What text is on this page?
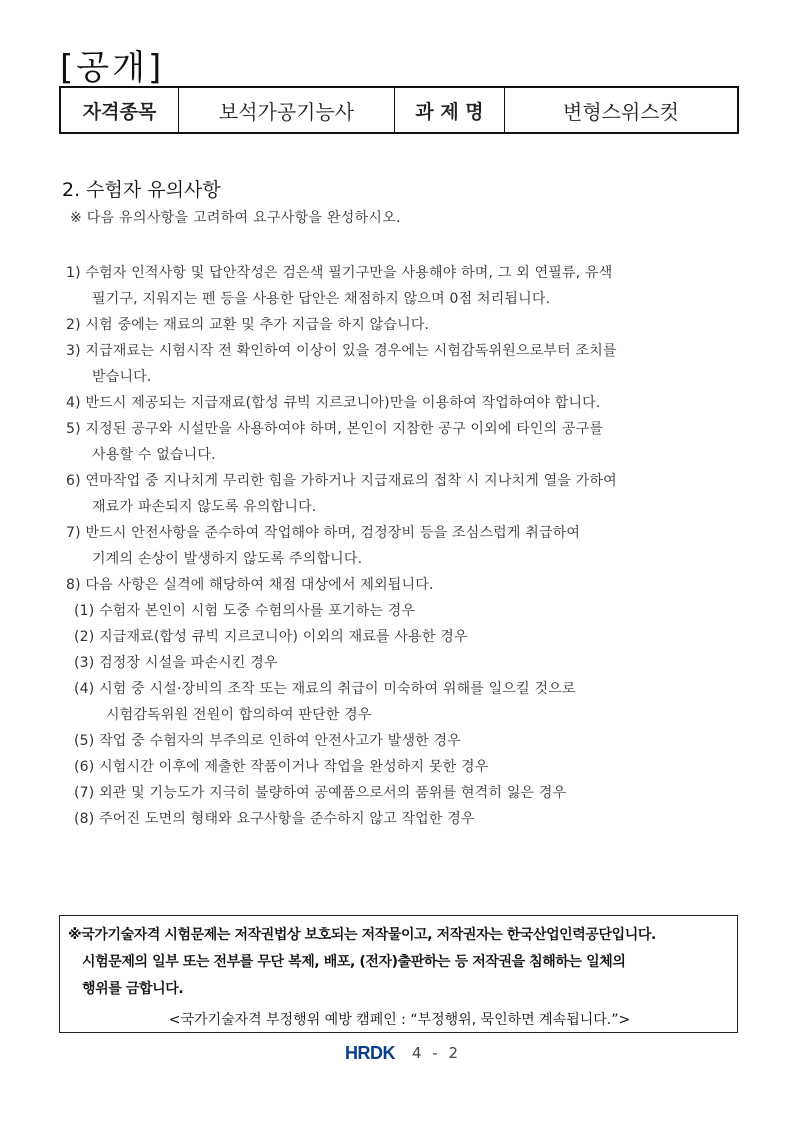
[공개]
자격종목	보석가공기능사	과 제 명	변형스위스컷
2. 수험자 유의사항
※ 다음 유의사항을 고려하여 요구사항을 완성하시오.
1) 수험자 인적사항 및 답안작성은 검은색 필기구만을 사용해야 하며, 그 외 연필류, 유색
필기구, 지워지는 펜 등을 사용한 답안은 채점하지 않으며 0점 처리됩니다.
2) 시험 중에는 재료의 교환 및 추가 지급을 하지 않습니다.
3) 지급재료는 시험시작 전 확인하여 이상이 있을 경우에는 시험감독위원으로부터 조치를
받습니다.
4) 반드시 제공되는 지급재료(합성 큐빅 지르코니아)만을 이용하여 작업하여야 합니다.
5) 지정된 공구와 시설만을 사용하여야 하며, 본인이 지참한 공구 이외에 타인의 공구를
사용할 수 없습니다.
6) 연마작업 중 지나치게 무리한 힘을 가하거나 지급재료의 접착 시 지나치게 열을 가하여
재료가 파손되지 않도록 유의합니다.
7) 반드시 안전사항을 준수하여 작업해야 하며, 검정장비 등을 조심스럽게 취급하여
기계의 손상이 발생하지 않도록 주의합니다.
8) 다음 사항은 실격에 해당하여 채점 대상에서 제외됩니다.
(1) 수험자 본인이 시험 도중 수험의사를 포기하는 경우
(2) 지급재료(합성 큐빅 지르코니아) 이외의 재료를 사용한 경우
(3) 검정장 시설을 파손시킨 경우
(4) 시험 중 시설·장비의 조작 또는 재료의 취급이 미숙하여 위해를 일으킬 것으로
시험감독위원 전원이 합의하여 판단한 경우
(5) 작업 중 수험자의 부주의로 인하여 안전사고가 발생한 경우
(6) 시험시간 이후에 제출한 작품이거나 작업을 완성하지 못한 경우
(7) 외관 및 기능도가 지극히 불량하여 공예품으로서의 품위를 현격히 잃은 경우
(8) 주어진 도면의 형태와 요구사항을 준수하지 않고 작업한 경우
※국가기술자격 시험문제는 저작권법상 보호되는 저작물이고, 저작권자는 한국산업인력공단입니다.
시험문제의 일부 또는 전부를 무단 복제, 배포, (전자)출판하는 등 저작권을 침해하는 일체의
행위를 금합니다.
<국가기술자격 부정행위 예방 캠페인 : “부정행위, 묵인하면 계속됩니다.”>
HRDK 4 - 2
